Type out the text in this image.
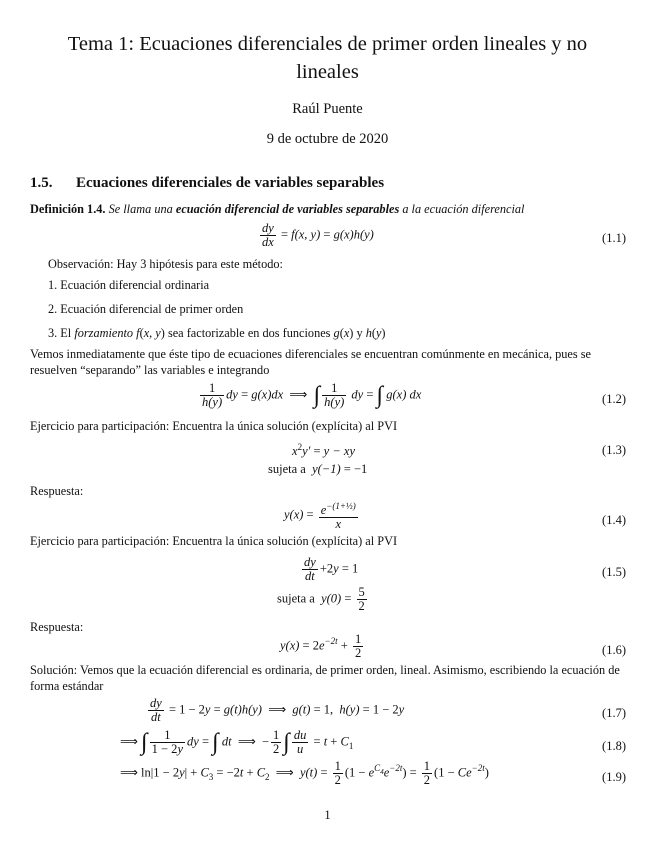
Tema 1: Ecuaciones diferenciales de primer orden lineales y no lineales
Raúl Puente
9 de octubre de 2020
1.5. Ecuaciones diferenciales de variables separables
Definición 1.4. Se llama una ecuación diferencial de variables separables a la ecuación diferencial
$\frac{dy}{dx} = f(x$, y) = g(x)h(y)	(1.1)
Observación: Hay 3 hipótesis para este método:
1. Ecuación diferencial ordinaria
2. Ecuación diferencial de primer orden
3. El forzamiento f(x, y) sea factorizable en dos funciones g(x) y h(y)
Vemos inmediatamente que éste tipo de ecuaciones diferenciales se encuentran comúnmente en mecánica, pues se resuelven “separando” las variables e integrando
$\frac{1}{h(y)}$ dy = g(x)dx  ⟹  ∫ $\frac{1}{h(y)}$ dy = ∫ g(x) dx	(1.2)
Ejercicio para participación: Encuentra la única solución (explícita) al PVI
$x^2y' = y$ − xy
sujeta a  y(−1) = −1
(1.3)
Respuesta:
$y(x) = \frac{e^{-(1+\frac{1}{2})}}{x}$	(1.4)
Ejercicio para participación: Encuentra la única solución (explícita) al PVI
$\frac{dy}{dt} +2y = 1$
sujeta a  $y(0) = \frac{5}{2}$
(1.5)
Respuesta:
$y(x) = 2e^{-2t} + \frac{1}{2}$	(1.6)
Solución: Vemos que la ecuación diferencial es ordinaria, de primer orden, lineal. Asimismo, escribiendo la ecuación de forma estándar
$\frac{dy}{dt} = 1 - 2y = g(t)h(y)$  ⟹  g(t) = 1,  h(y) = 1 − 2y	(1.7)
⟹ ∫ $\frac{1}{1 - 2y}$ dy = ∫ dt  ⟹  − $\frac{1}{2}$ ∫ $\frac{du}{u} = t + C_1$	(1.8)
⟹ $\ln|1 - 2y| + C_3 = -2t + C_2$  ⟹  $y(t) = \frac{1}{2} (1 - e^{C_4}e^{-2t}) = \frac{1}{2} (1 - Ce^{-2t})$	(1.9)
1
